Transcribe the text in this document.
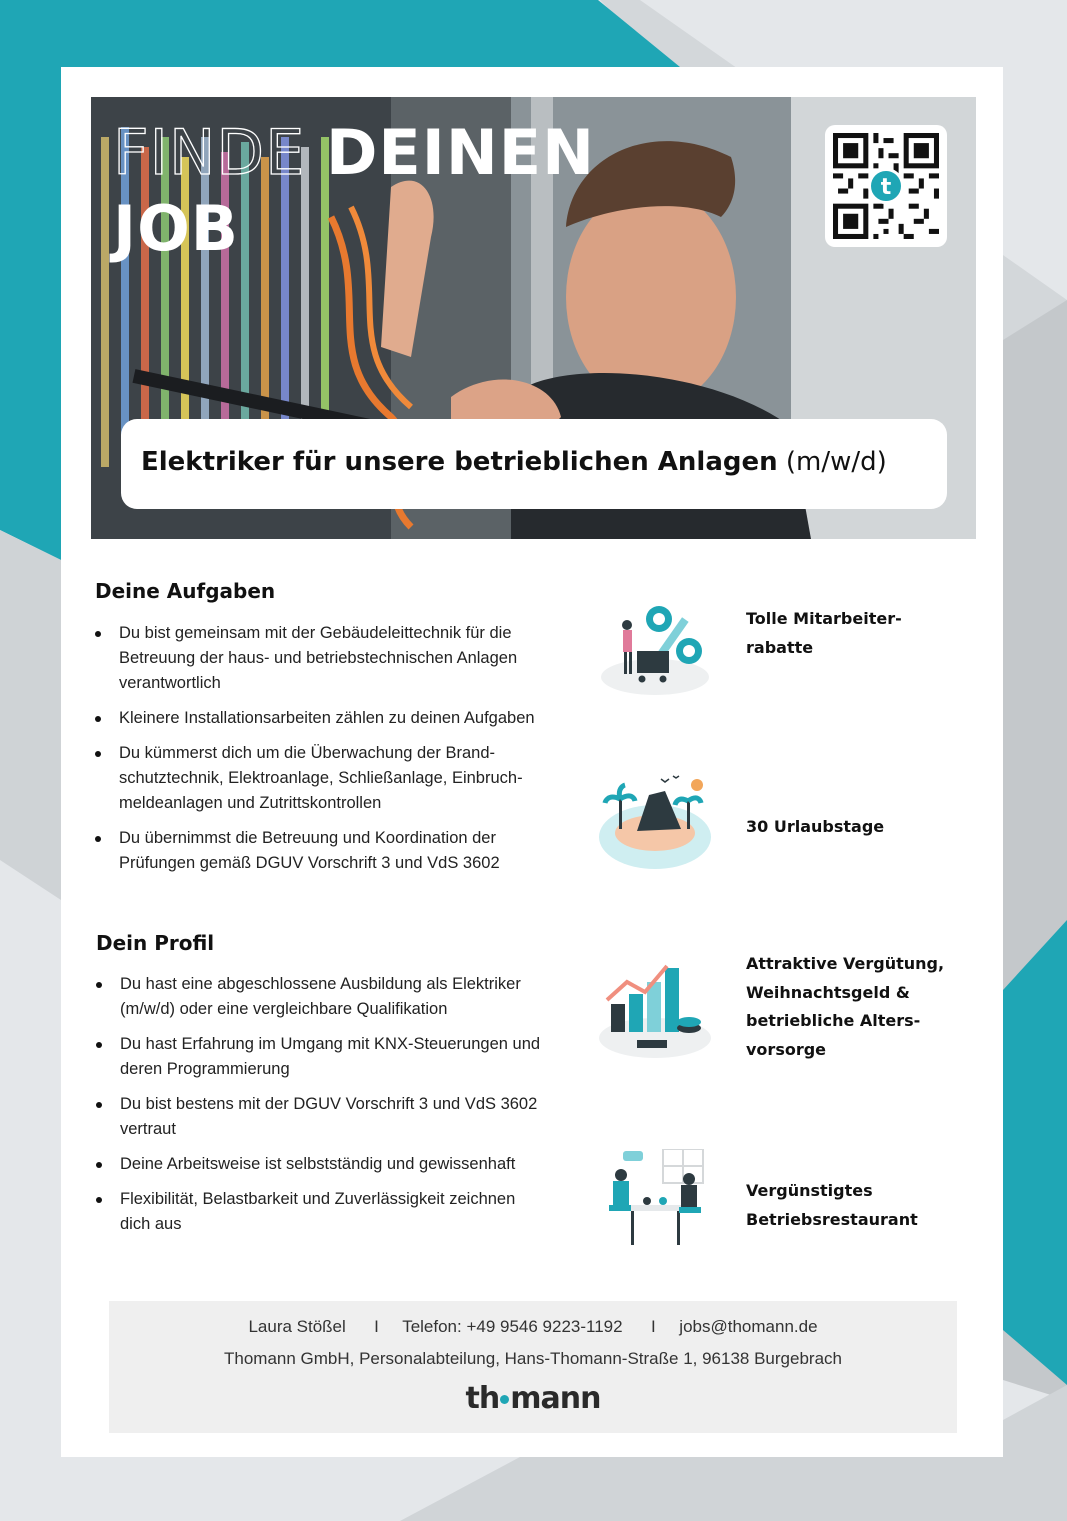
FINDE DEINEN
JOB
t
Elektriker für unsere betrieblichen Anlagen (m/w/d)
Deine Aufgaben
Du bist gemeinsam mit der Gebäudeleittechnik für die Betreuung der haus- und betriebstechnischen Anlagen verantwortlich
Kleinere Installationsarbeiten zählen zu deinen Aufgaben
Du kümmerst dich um die Überwachung der Brand-schutztechnik, Elektroanlage, Schließanlage, Einbruch-meldeanlagen und Zutrittskontrollen
Du übernimmst die Betreuung und Koordination der Prüfungen gemäß DGUV Vorschrift 3 und VdS 3602
Dein Profil
Du hast eine abgeschlossene Ausbildung als Elektriker (m/w/d) oder eine vergleichbare Qualifikation
Du hast Erfahrung im Umgang mit KNX-Steuerungen und deren Programmierung
Du bist bestens mit der DGUV Vorschrift 3 und VdS 3602 vertraut
Deine Arbeitsweise ist selbstständig und gewissenhaft
Flexibilität, Belastbarkeit und Zuverlässigkeit zeichnen dich aus
Tolle Mitarbeiter-
rabatte
30 Urlaubstage
Attraktive Vergütung,
Weihnachtsgeld &
betriebliche Alters-
vorsorge
Vergünstigtes
Betriebsrestaurant
Laura Stößel I Telefon: +49 9546 9223-1192 I jobs@thomann.de
Thomann GmbH, Personalabteilung, Hans-Thomann-Straße 1, 96138 Burgebrach
th mann
